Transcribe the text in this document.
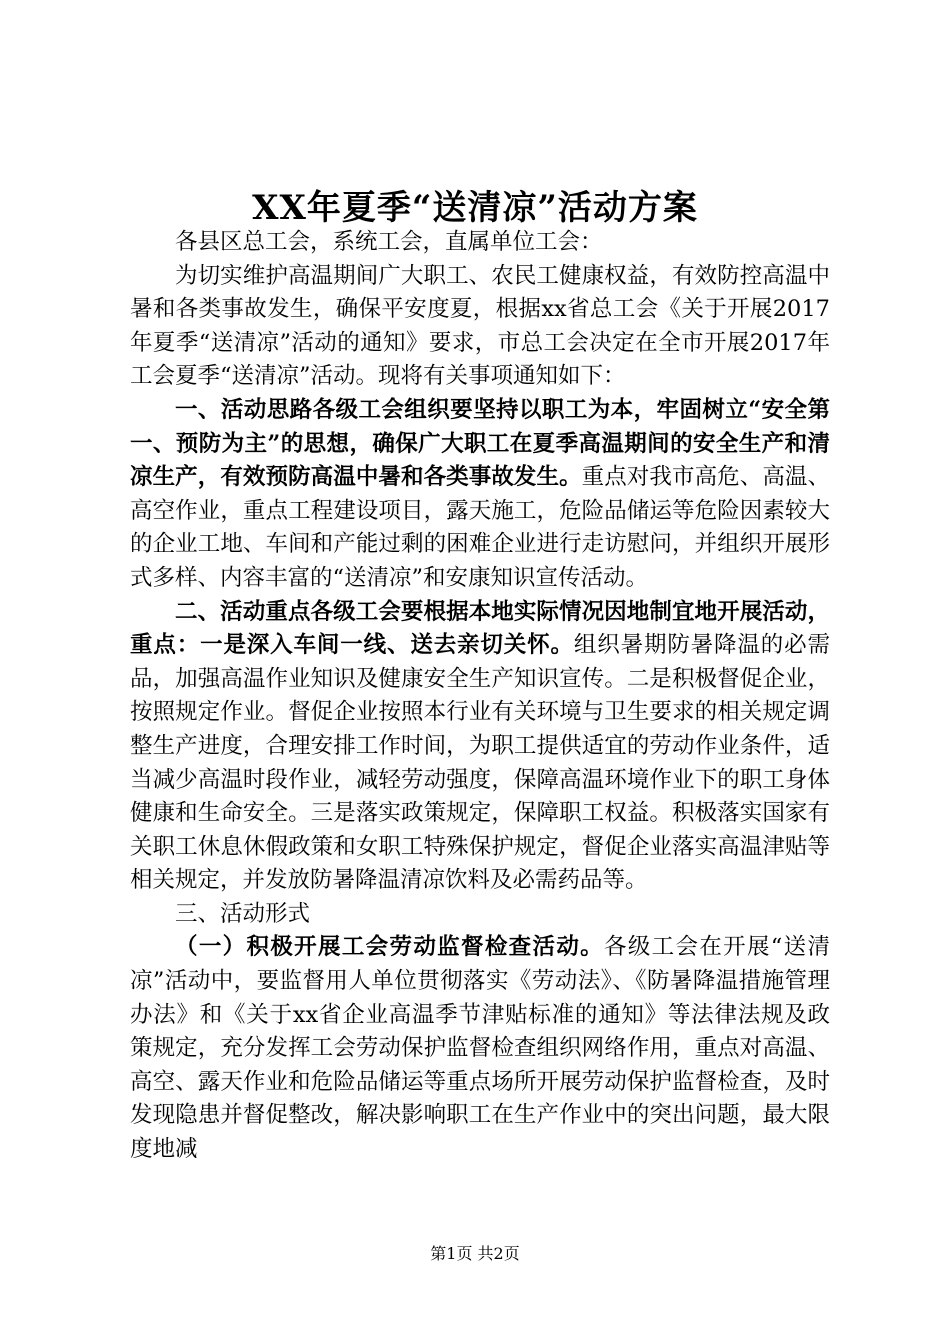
XX年夏季“送清凉”活动方案

各县区总工会，系统工会，直属单位工会：

为切实维护高温期间广大职工、农民工健康权益，有效防控高温中暑和各类事故发生，确保平安度夏，根据xx省总工会《关于开展2017年夏季“送清凉”活动的通知》要求，市总工会决定在全市开展2017年工会夏季“送清凉”活动。现将有关事项通知如下：

一、活动思路各级工会组织要坚持以职工为本，牢固树立“安全第一、预防为主”的思想，确保广大职工在夏季高温期间的安全生产和清凉生产，有效预防高温中暑和各类事故发生。重点对我市高危、高温、高空作业，重点工程建设项目，露天施工，危险品储运等危险因素较大的企业工地、车间和产能过剩的困难企业进行走访慰问，并组织开展形式多样、内容丰富的“送清凉”和安康知识宣传活动。

二、活动重点各级工会要根据本地实际情况因地制宜地开展活动，重点：一是深入车间一线、送去亲切关怀。组织暑期防暑降温的必需品，加强高温作业知识及健康安全生产知识宣传。二是积极督促企业，按照规定作业。督促企业按照本行业有关环境与卫生要求的相关规定调整生产进度，合理安排工作时间，为职工提供适宜的劳动作业条件，适当减少高温时段作业，减轻劳动强度，保障高温环境作业下的职工身体健康和生命安全。三是落实政策规定，保障职工权益。积极落实国家有关职工休息休假政策和女职工特殊保护规定，督促企业落实高温津贴等相关规定，并发放防暑降温清凉饮料及必需药品等。

三、活动形式

（一）积极开展工会劳动监督检查活动。各级工会在开展“送清凉”活动中，要监督用人单位贯彻落实《劳动法》、《防暑降温措施管理办法》和《关于xx省企业高温季节津贴标准的通知》等法律法规及政策规定，充分发挥工会劳动保护监督检查组织网络作用，重点对高温、高空、露天作业和危险品储运等重点场所开展劳动保护监督检查，及时发现隐患并督促整改，解决影响职工在生产作业中的突出问题，最大限度地减

第1页 共2页
